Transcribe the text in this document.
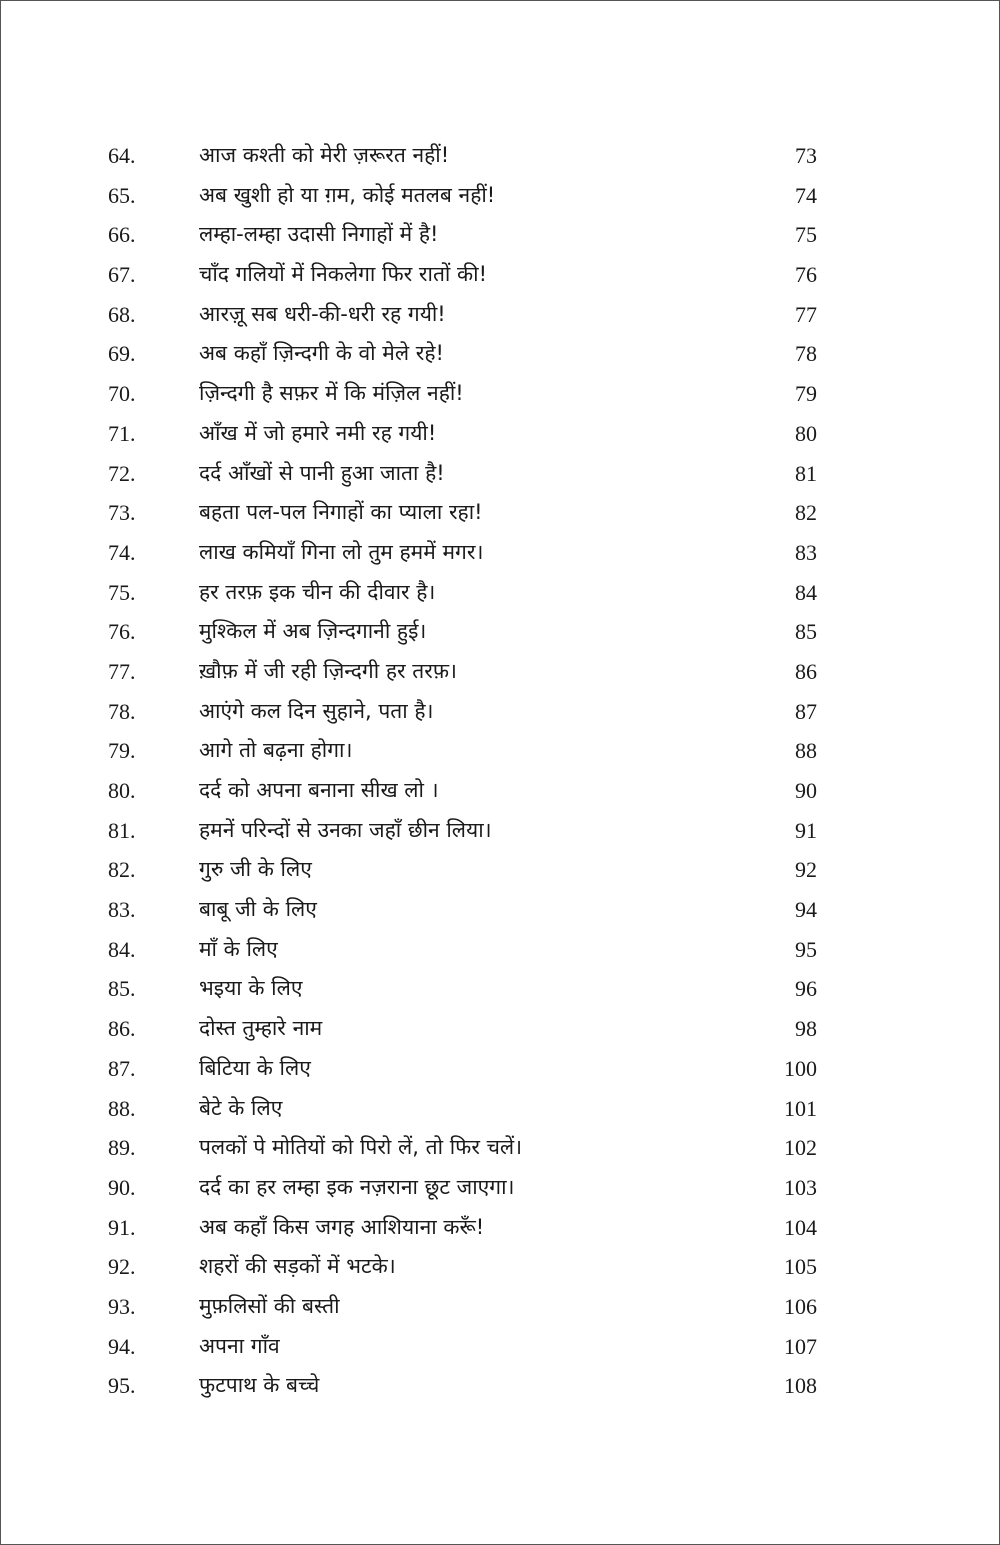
64.	आज कश्ती को मेरी ज़रूरत नहीं!	73
65.	अब खुशी हो या ग़म, कोई मतलब नहीं!	74
66.	लम्हा-लम्हा उदासी निगाहों में है!	75
67.	चाँद गलियों में निकलेगा फिर रातों की!	76
68.	आरज़ू सब धरी-की-धरी रह गयी!	77
69.	अब कहाँ ज़िन्दगी के वो मेले रहे!	78
70.	ज़िन्दगी है सफ़र में कि मंज़िल नहीं!	79
71.	आँख में जो हमारे नमी रह गयी!	80
72.	दर्द आँखों से पानी हुआ जाता है!	81
73.	बहता पल-पल निगाहों का प्याला रहा!	82
74.	लाख कमियाँ गिना लो तुम हममें मगर।	83
75.	हर तरफ़ इक चीन की दीवार है।	84
76.	मुश्किल में अब ज़िन्दगानी हुई।	85
77.	ख़ौफ़ में जी रही ज़िन्दगी हर तरफ़।	86
78.	आएंगे कल दिन सुहाने, पता है।	87
79.	आगे तो बढ़ना होगा।	88
80.	दर्द को अपना बनाना सीख लो ।	90
81.	हमनें परिन्दों से उनका जहाँ छीन लिया।	91
82.	गुरु जी के लिए	92
83.	बाबू जी के लिए	94
84.	माँ के लिए	95
85.	भइया के लिए	96
86.	दोस्त तुम्हारे नाम	98
87.	बिटिया के लिए	100
88.	बेटे के लिए	101
89.	पलकों पे मोतियों को पिरो लें, तो फिर चलें।	102
90.	दर्द का हर लम्हा इक नज़राना छूट जाएगा।	103
91.	अब कहाँ किस जगह आशियाना करूँ!	104
92.	शहरों की सड़कों में भटके।	105
93.	मुफ़लिसों की बस्ती	106
94.	अपना गाँव	107
95.	फुटपाथ के बच्चे	108
